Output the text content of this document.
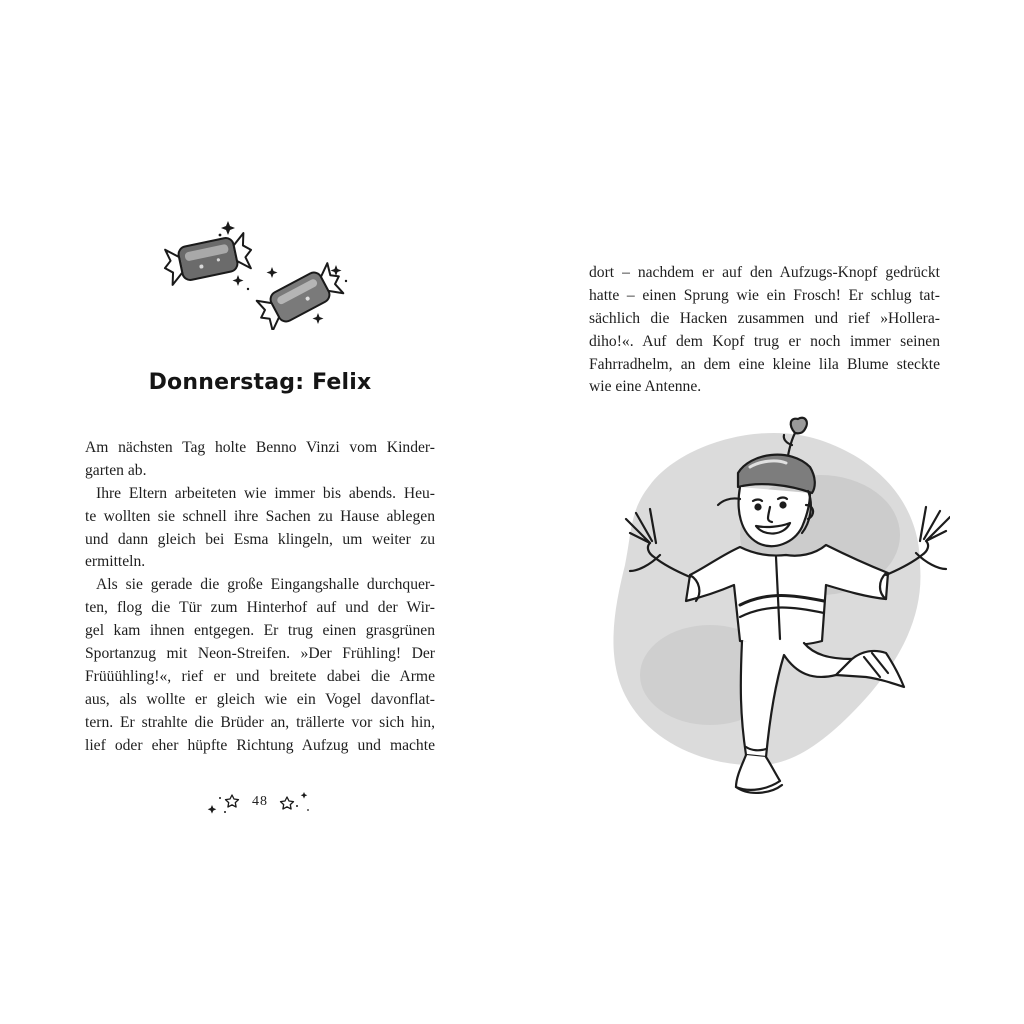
Donnerstag: Felix
Am nächsten Tag holte Benno Vinzi vom Kinder-
garten ab.
Ihre Eltern arbeiteten wie immer bis abends. Heu-
te wollten sie schnell ihre Sachen zu Hause ablegen
und dann gleich bei Esma klingeln, um weiter zu
ermitteln.
Als sie gerade die große Eingangshalle durchquer-
ten, flog die Tür zum Hinterhof auf und der Wir-
gel kam ihnen entgegen. Er trug einen grasgrünen
Sportanzug mit Neon-Streifen. »Der Frühling! Der
Früüühling!«, rief er und breitete dabei die Arme
aus, als wollte er gleich wie ein Vogel davonflat-
tern. Er strahlte die Brüder an, trällerte vor sich hin,
lief oder eher hüpfte Richtung Aufzug und machte
48
dort – nachdem er auf den Aufzugs-Knopf gedrückt
hatte – einen Sprung wie ein Frosch! Er schlug tat-
sächlich die Hacken zusammen und rief »Hollera-
diho!«. Auf dem Kopf trug er noch immer seinen
Fahrradhelm, an dem eine kleine lila Blume steckte
wie eine Antenne.
